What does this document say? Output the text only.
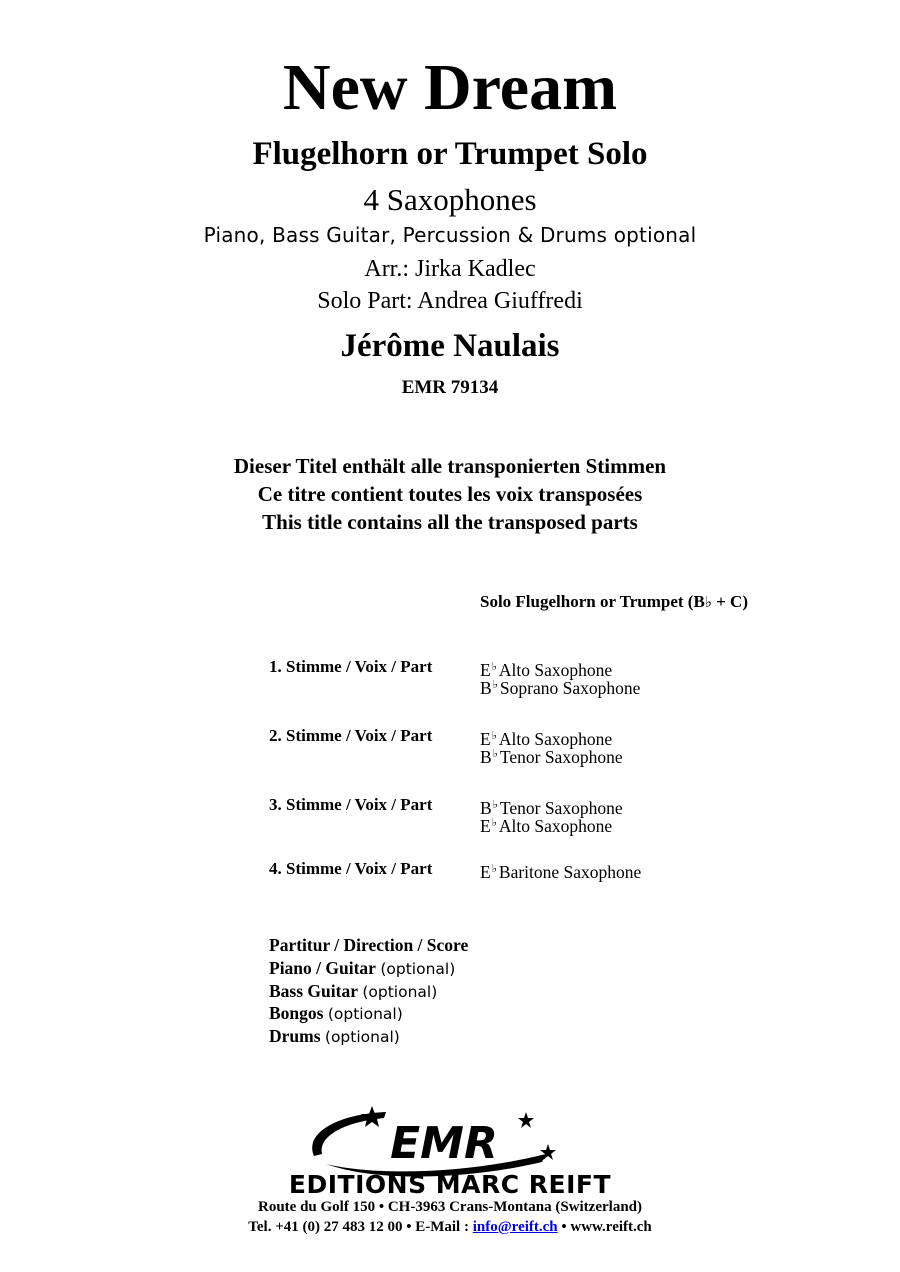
New Dream
Flugelhorn or Trumpet Solo
4 Saxophones
Piano, Bass Guitar, Percussion & Drums optional
Arr.: Jirka Kadlec
Solo Part: Andrea Giuffredi
Jérôme Naulais
EMR 79134
Dieser Titel enthält alle transponierten Stimmen
Ce titre contient toutes les voix transposées
This title contains all the transposed parts
Solo Flugelhorn or Trumpet (B♭ + C)
1. Stimme / Voix / Part	E♭ Alto Saxophone
B♭ Soprano Saxophone
2. Stimme / Voix / Part	E♭ Alto Saxophone
B♭ Tenor Saxophone
3. Stimme / Voix / Part	B♭ Tenor Saxophone
E♭ Alto Saxophone
4. Stimme / Voix / Part	E♭ Baritone Saxophone
Partitur / Direction / Score
Piano / Guitar (optional)
Bass Guitar (optional)
Bongos (optional)
Drums (optional)
EMR
EDITIONS MARC REIFT
Route du Golf 150 • CH-3963 Crans-Montana (Switzerland)
Tel. +41 (0) 27 483 12 00 • E-Mail : info@reift.ch • www.reift.ch
